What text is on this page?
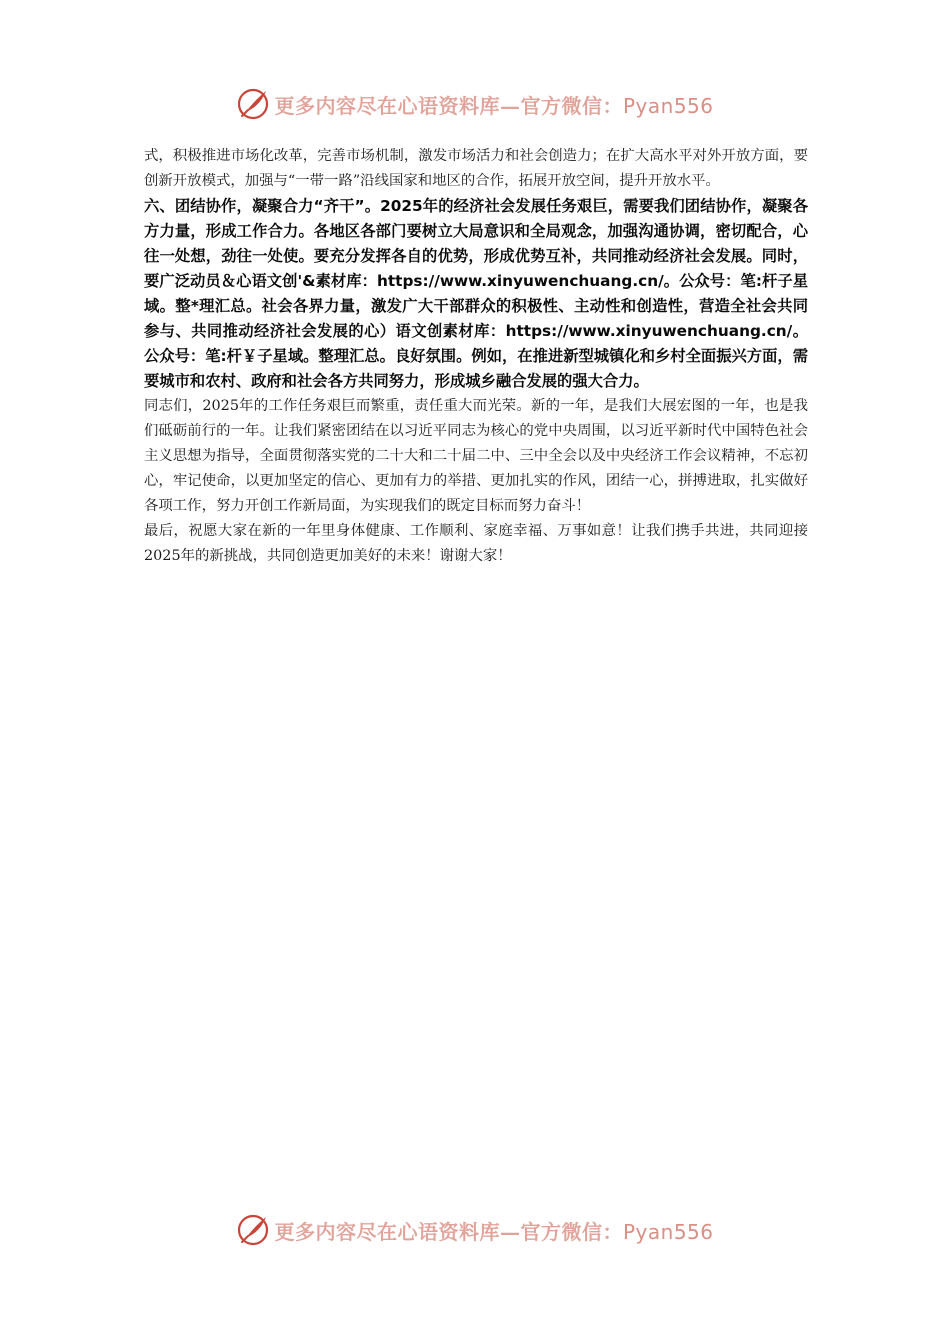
更多内容尽在心语资料库—官方微信：Pyan556

式，积极推进市场化改革，完善市场机制，激发市场活力和社会创造力；在扩大高水平对外开放方面，要创新开放模式，加强与“一带一路”沿线国家和地区的合作，拓展开放空间，提升开放水平。

六、团结协作，凝聚合力“齐干”。2025年的经济社会发展任务艰巨，需要我们团结协作，凝聚各方力量，形成工作合力。各地区各部门要树立大局意识和全局观念，加强沟通协调，密切配合，心往一处想，劲往一处使。要充分发挥各自的优势，形成优势互补，共同推动经济社会发展。同时，要广泛动员＆心语文创'&素材库：https://www.xinyuwenchuang.cn/。公众号：笔:杆子星域。整*理汇总。社会各界力量，激发广大干部群众的积极性、主动性和创造性，营造全社会共同参与、共同推动经济社会发展的心）语文创素材库：https://www.xinyuwenchuang.cn/。公众号：笔:杆￥子星域。整理汇总。良好氛围。例如，在推进新型城镇化和乡村全面振兴方面，需要城市和农村、政府和社会各方共同努力，形成城乡融合发展的强大合力。

同志们，2025年的工作任务艰巨而繁重，责任重大而光荣。新的一年，是我们大展宏图的一年，也是我们砥砺前行的一年。让我们紧密团结在以习近平同志为核心的党中央周围，以习近平新时代中国特色社会主义思想为指导，全面贯彻落实党的二十大和二十届二中、三中全会以及中央经济工作会议精神，不忘初心，牢记使命，以更加坚定的信心、更加有力的举措、更加扎实的作风，团结一心，拼搏进取，扎实做好各项工作，努力开创工作新局面，为实现我们的既定目标而努力奋斗！

最后，祝愿大家在新的一年里身体健康、工作顺利、家庭幸福、万事如意！让我们携手共进，共同迎接2025年的新挑战，共同创造更加美好的未来！谢谢大家！

更多内容尽在心语资料库—官方微信：Pyan556
